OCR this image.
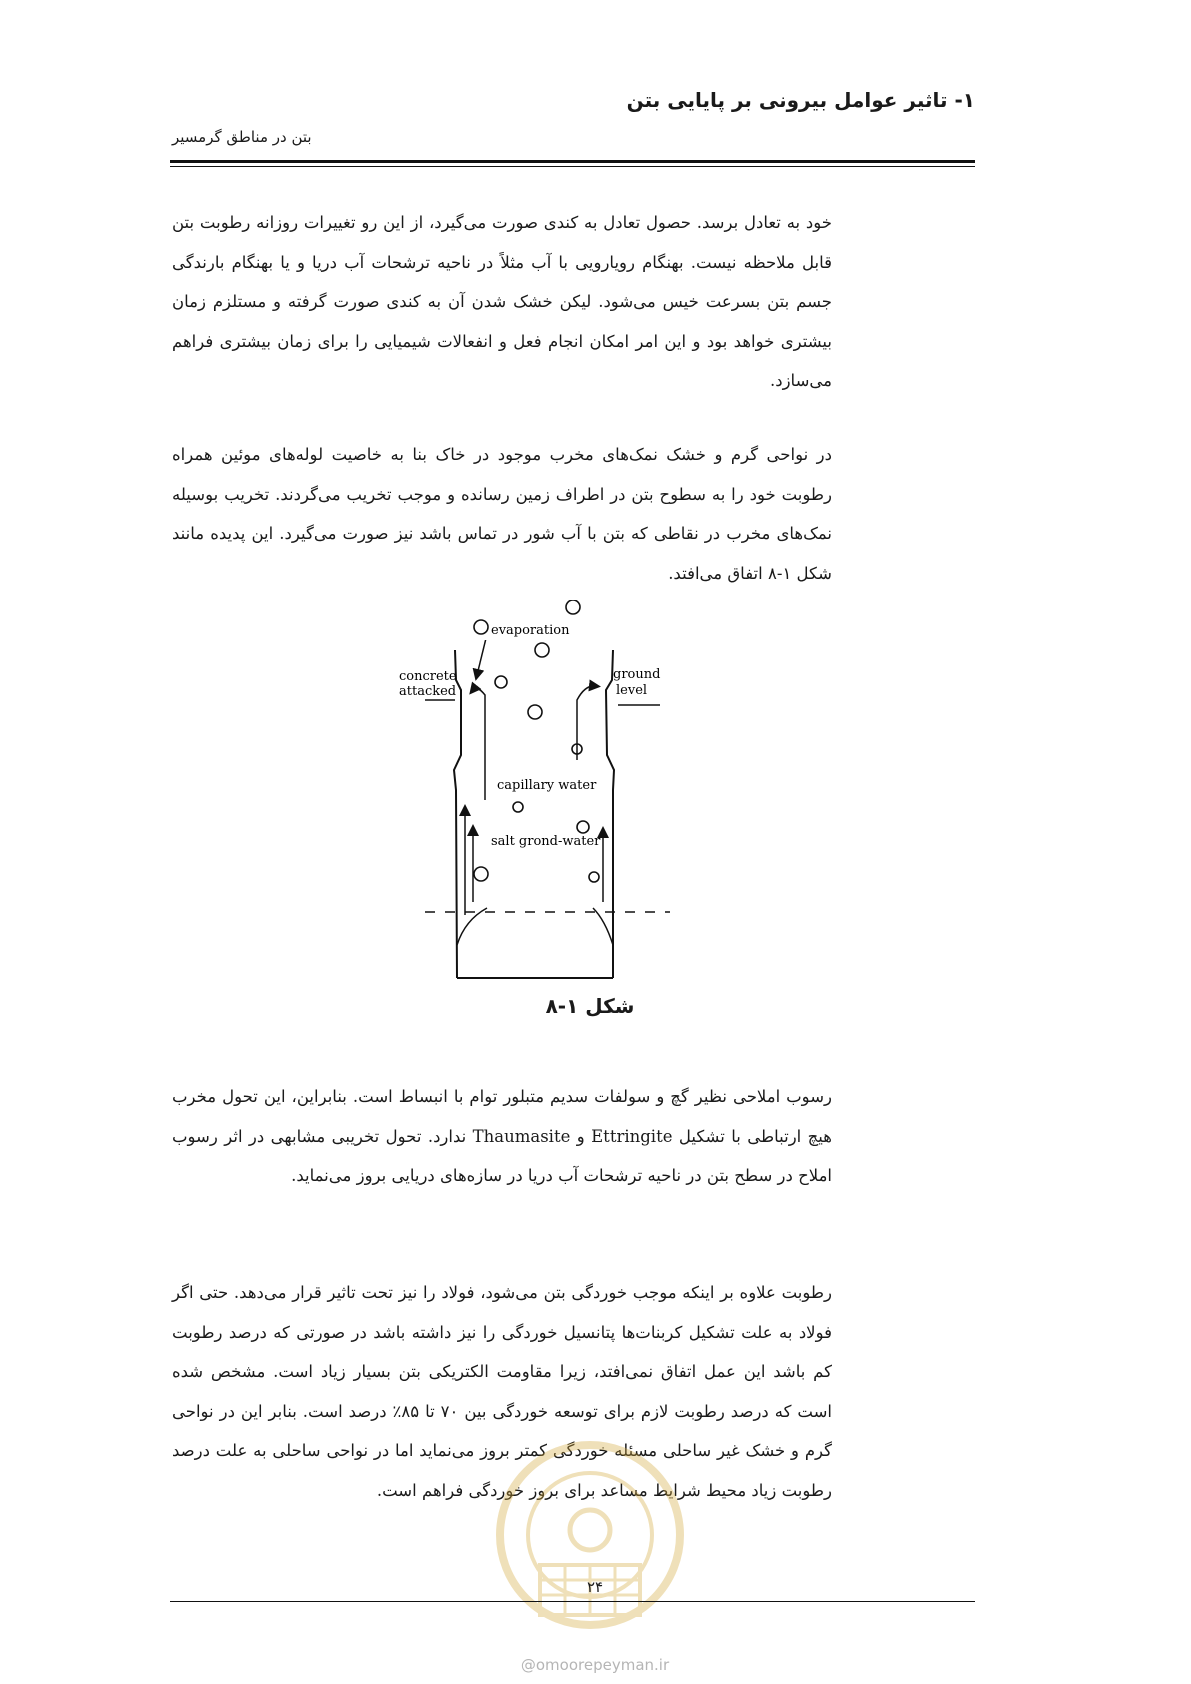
۱- تاثیر عوامل بیرونی بر پایایی بتن
بتن در مناطق گرمسیر

خود به تعادل برسد. حصول تعادل به کندی صورت می‌گیرد، از این رو تغییرات روزانه رطوبت بتن قابل ملاحظه نیست. بهنگام رویارویی با آب مثلاً در ناحیه ترشحات آب دریا و یا بهنگام بارندگی جسم بتن بسرعت خیس می‌شود. لیکن خشک شدن آن به کندی صورت گرفته و مستلزم زمان بیشتری خواهد بود و این امر امکان انجام فعل و انفعالات شیمیایی را برای زمان بیشتری فراهم می‌سازد.

در نواحی گرم و خشک نمک‌های مخرب موجود در خاک بنا به خاصیت لوله‌های موئین همراه رطوبت خود را به سطوح بتن در اطراف زمین رسانده و موجب تخریب می‌گردند. تخریب بوسیله نمک‌های مخرب در نقاطی که بتن با آب شور در تماس باشد نیز صورت می‌گیرد. این پدیده مانند شکل ۱-۸ اتفاق می‌افتد.

evaporation
concrete
attacked
ground
level
capillary water
salt grond-water
شکل ۱-۸

رسوب املاحی نظیر گچ و سولفات سدیم متبلور توام با انبساط است. بنابراین، این تحول مخرب هیچ ارتباطی با تشکیل Ettringite و Thaumasite ندارد. تحول تخریبی مشابهی در اثر رسوب املاح در سطح بتن در ناحیه ترشحات آب دریا در سازه‌های دریایی بروز می‌نماید.

رطوبت علاوه بر اینکه موجب خوردگی بتن می‌شود، فولاد را نیز تحت تاثیر قرار می‌دهد. حتی اگر فولاد به علت تشکیل کربنات‌ها پتانسیل خوردگی را نیز داشته باشد در صورتی که درصد رطوبت کم باشد این عمل اتفاق نمی‌افتد، زیرا مقاومت الکتریکی بتن بسیار زیاد است. مشخص شده است که درصد رطوبت لازم برای توسعه خوردگی بین ۷۰ تا ۸۵٪ درصد است. بنابر این در نواحی گرم و خشک غیر ساحلی مسئله خوردگی کمتر بروز می‌نماید اما در نواحی ساحلی به علت درصد رطوبت زیاد محیط شرایط مساعد برای بروز خوردگی فراهم است.

۲۴
@omoorepeyman.ir
